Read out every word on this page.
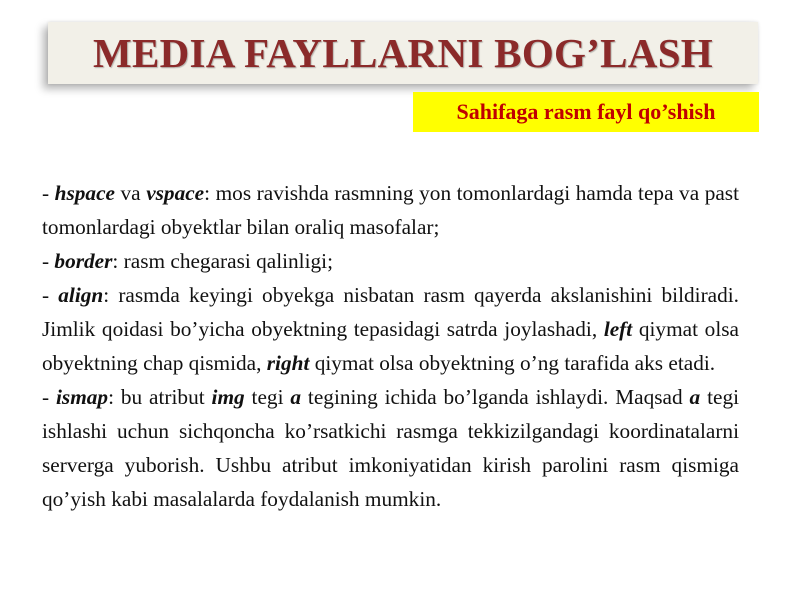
MEDIA FAYLLARNI BOG’LASH
Sahifaga rasm fayl qo’shish

- hspace va vspace: mos ravishda rasmning yon tomonlardagi hamda tepa va past tomonlardagi obyektlar bilan oraliq masofalar;

- border: rasm chegarasi qalinligi;

- align: rasmda keyingi obyekga nisbatan rasm qayerda akslanishini bildiradi. Jimlik qoidasi bo’yicha obyektning tepasidagi satrda joylashadi, left qiymat olsa obyektning chap qismida, right qiymat olsa obyektning o’ng tarafida aks etadi.

- ismap: bu atribut img tegi a tegining ichida bo’lganda ishlaydi. Maqsad a tegi ishlashi uchun sichqoncha ko’rsatkichi rasmga tekkizilgandagi koordinatalarni serverga yuborish. Ushbu atribut imkoniyatidan kirish parolini rasm qismiga qo’yish kabi masalalarda foydalanish mumkin.
